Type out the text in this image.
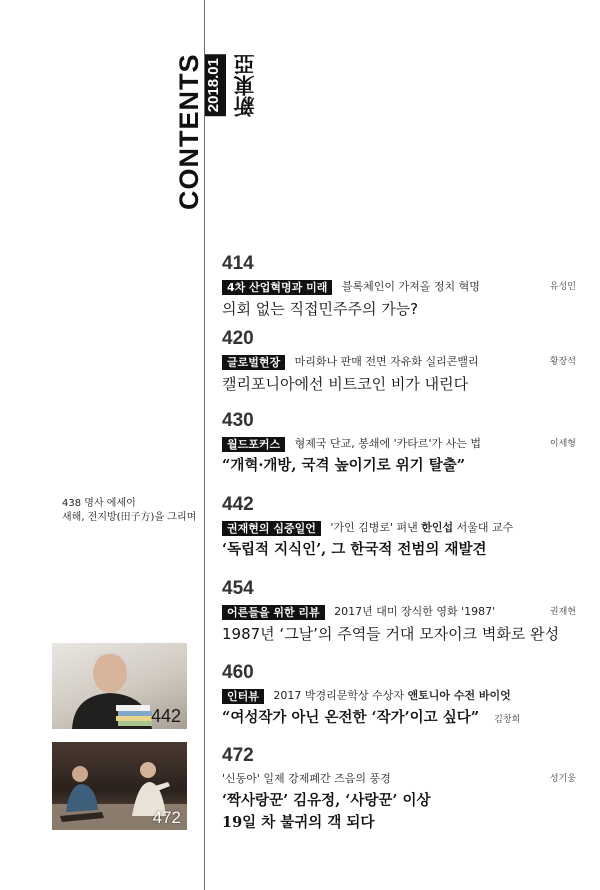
CONTENTS 2018.01 新東亞
438 명사 에세이
새해, 전지방(田子方)을 그리며
442
472
414
4차 산업혁명과 미래 블록체인이 가져올 정치 혁명	유성민
의회 없는 직접민주주의 가능?
420
글로벌현장 마리화나 판매 전면 자유화 실리콘밸리	황장석
캘리포니아에선 비트코인 비가 내린다
430
월드포커스 형제국 단교, 봉쇄에 '카타르'가 사는 법	이세형
“개혁·개방, 국격 높이기로 위기 탈출”
442
권재현의 심중일언 '가인 김병로' 펴낸 한인섭 서울대 교수
‘독립적 지식인’, 그 한국적 전범의 재발견
454
어른들을 위한 리뷰 2017년 대미 장식한 영화 '1987'	권재현
1987년 ‘그날’의 주역들 거대 모자이크 벽화로 완성
460
인터뷰 2017 박경리문학상 수상자 앤토니아 수전 바이엇
“여성작가 아닌 온전한 ‘작가’이고 싶다” 김창희
472
'신동아' 일제 강제폐간 즈음의 풍경	성기웅
‘짝사랑꾼’ 김유정, ‘사랑꾼’ 이상
19일 차 불귀의 객 되다
